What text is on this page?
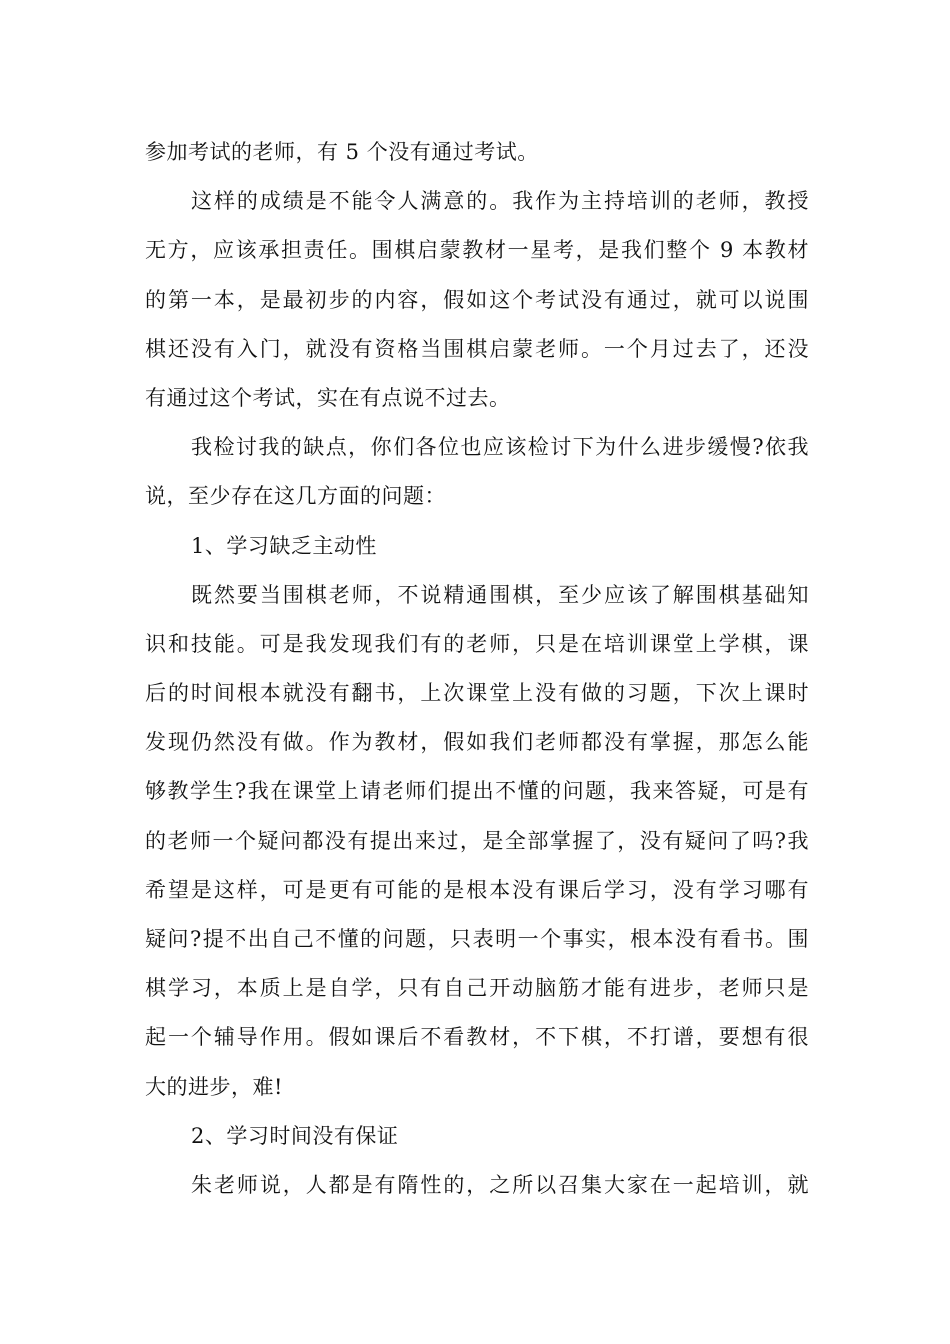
参加考试的老师，有 5 个没有通过考试。
这样的成绩是不能令人满意的。我作为主持培训的老师，教授
无方，应该承担责任。围棋启蒙教材一星考，是我们整个 9 本教材
的第一本，是最初步的内容，假如这个考试没有通过，就可以说围
棋还没有入门，就没有资格当围棋启蒙老师。一个月过去了，还没
有通过这个考试，实在有点说不过去。
我检讨我的缺点，你们各位也应该检讨下为什么进步缓慢?依我
说，至少存在这几方面的问题：
1、学习缺乏主动性
既然要当围棋老师，不说精通围棋，至少应该了解围棋基础知
识和技能。可是我发现我们有的老师，只是在培训课堂上学棋，课
后的时间根本就没有翻书，上次课堂上没有做的习题，下次上课时
发现仍然没有做。作为教材，假如我们老师都没有掌握，那怎么能
够教学生?我在课堂上请老师们提出不懂的问题，我来答疑，可是有
的老师一个疑问都没有提出来过，是全部掌握了，没有疑问了吗?我
希望是这样，可是更有可能的是根本没有课后学习，没有学习哪有
疑问?提不出自己不懂的问题，只表明一个事实，根本没有看书。围
棋学习，本质上是自学，只有自己开动脑筋才能有进步，老师只是
起一个辅导作用。假如课后不看教材，不下棋，不打谱，要想有很
大的进步，难!
2、学习时间没有保证
朱老师说，人都是有隋性的，之所以召集大家在一起培训，就
